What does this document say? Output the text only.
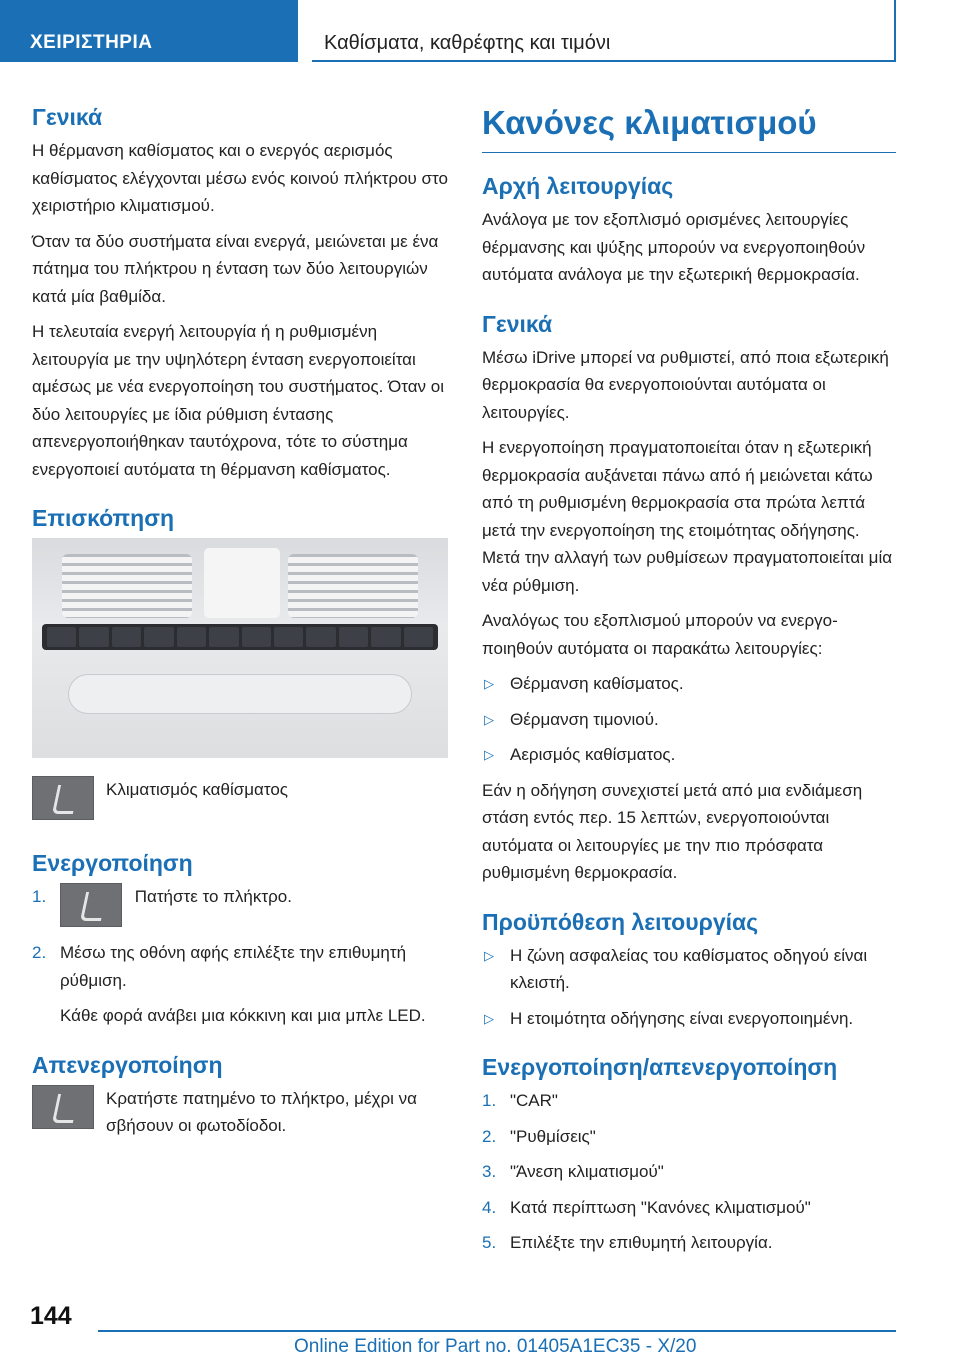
ΧΕΙΡΙΣΤΗΡΙΑ	Καθίσματα, καθρέφτης και τιμόνι
Γενικά

Η θέρμανση καθίσματος και ο ενεργός αερισμός καθίσματος ελέγχονται μέσω ενός κοινού πλήκτρου στο χειριστήριο κλιματισμού.

Όταν τα δύο συστήματα είναι ενεργά, μειώνεται με ένα πάτημα του πλήκτρου η ένταση των δύο λειτουργιών κατά μία βαθμίδα.

Η τελευταία ενεργή λειτουργία ή η ρυθμισμένη λειτουργία με την υψηλότερη ένταση ενεργοποιείται αμέσως με νέα ενεργοποίηση του συστήματος. Όταν οι δύο λειτουργίες με ίδια ρύθμιση έντασης απενεργοποιήθηκαν ταυτόχρονα, τότε το σύστημα ενεργοποιεί αυτόματα τη θέρμανση καθίσματος.

Επισκόπηση

Κλιματισμός καθίσματος

Ενεργοποίηση
1.	Πατήστε το πλήκτρο.
2. Μέσω της οθόνη αφής επιλέξτε την επιθυμητή ρύθμιση.

Κάθε φορά ανάβει μια κόκκινη και μια μπλε LED.

Απενεργοποίηση

Κρατήστε πατημένο το πλήκτρο, μέχρι να σβήσουν οι φωτοδίοδοι.

Κανόνες κλιματισμού
Αρχή λειτουργίας

Ανάλογα με τον εξοπλισμό ορισμένες λειτουργίες θέρμανσης και ψύξης μπορούν να ενεργοποιηθούν αυτόματα ανάλογα με την εξωτερική θερμοκρασία.

Γενικά

Μέσω iDrive μπορεί να ρυθμιστεί, από ποια εξωτερική θερμοκρασία θα ενεργοποιούνται αυτόματα οι λειτουργίες.

Η ενεργοποίηση πραγματοποιείται όταν η εξωτερική θερμοκρασία αυξάνεται πάνω από ή μειώνεται κάτω από τη ρυθμισμένη θερμοκρασία στα πρώτα λεπτά μετά την ενεργοποίηση της ετοιμότητας οδήγησης. Μετά την αλλαγή των ρυθμίσεων πραγματοποιείται μία νέα ρύθμιση.

Αναλόγως του εξοπλισμού μπορούν να ενεργοποιηθούν αυτόματα οι παρακάτω λειτουργίες:

▷ Θέρμανση καθίσματος.
▷ Θέρμανση τιμονιού.
▷ Αερισμός καθίσματος.

Εάν η οδήγηση συνεχιστεί μετά από μια ενδιάμεση στάση εντός περ. 15 λεπτών, ενεργοποιούνται αυτόματα οι λειτουργίες με την πιο πρόσφατα ρυθμισμένη θερμοκρασία.

Προϋπόθεση λειτουργίας
▷ Η ζώνη ασφαλείας του καθίσματος οδηγού είναι κλειστή.
▷ Η ετοιμότητα οδήγησης είναι ενεργοποιημένη.
Ενεργοποίηση/απενεργοποίηση
1. "CAR"
2. "Ρυθμίσεις"
3. "Άνεση κλιματισμού"
4. Κατά περίπτωση "Κανόνες κλιματισμού"
5. Επιλέξτε την επιθυμητή λειτουργία.
144
Online Edition for Part no. 01405A1EC35 - X/20
